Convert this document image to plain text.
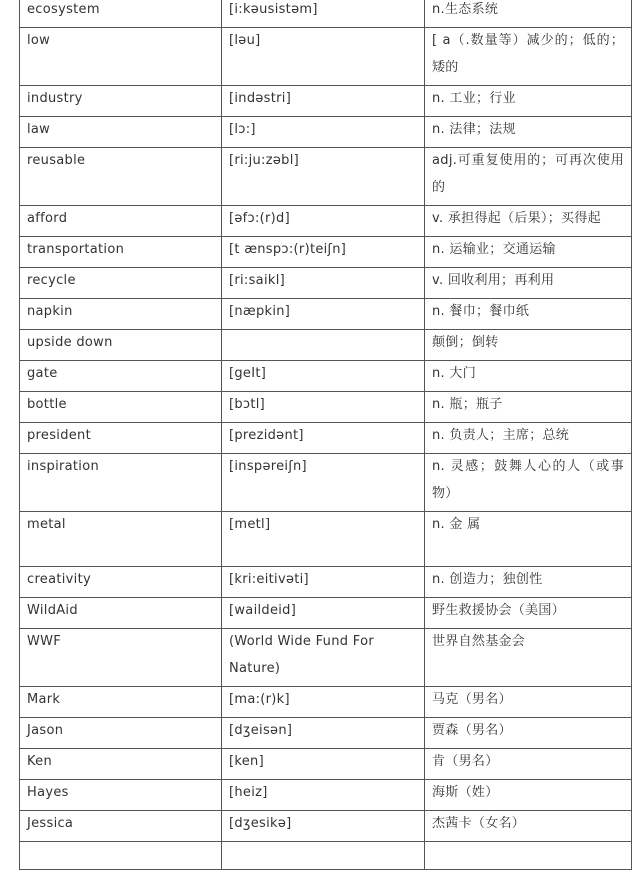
ecosystem	[i:kəusistəm]	n.生态系统

low	[ləu]	[ a（.数量等）减少的；低的；矮的

industry	[indəstri]	n. 工业；行业

law	[lɔ:]	n. 法律；法规

reusable	[ri:ju:zəbl]	adj.可重复使用的；可再次使用的

afford	[əfɔ:(r)d]	v. 承担得起（后果）；买得起

transportation	[t ænspɔ:(r)teiʃn]	n. 运输业；交通运输

recycle	[ri:saikl]	v. 回收利用；再利用

napkin	[næpkin]	n. 餐巾；餐巾纸

upside down		颠倒；倒转

gate	[geIt]	n. 大门

bottle	[bɔtl]	n. 瓶；瓶子

president	[prezidənt]	n. 负责人；主席；总统

inspiration	[inspəreiʃn]	n. 灵感；鼓舞人心的人（或事物）

metal	[metl]	n. 金 属

creativity	[kri:eitivəti]	n. 创造力；独创性

WildAid	[waildeid]	野生救援协会（美国）

WWF	(World Wide Fund For Nature)	世界自然基金会

Mark	[ma:(r)k]	马克（男名）

Jason	[dʒeisən]	贾森（男名）

Ken	[ken]	肯（男名）

Hayes	[heiz]	海斯（姓）

Jessica	[dʒesikə]	杰茜卡（女名）
